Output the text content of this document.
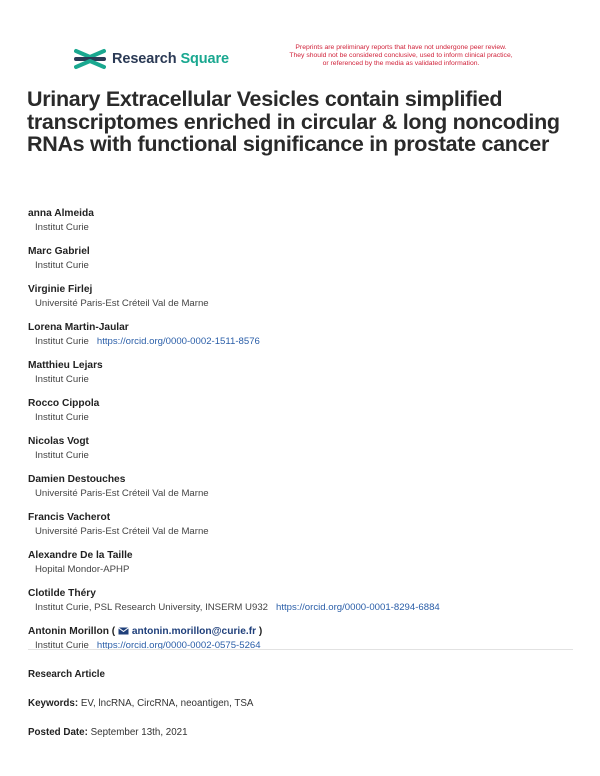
Research Square
Preprints are preliminary reports that have not undergone peer review.
They should not be considered conclusive, used to inform clinical practice,
or referenced by the media as validated information.
Urinary Extracellular Vesicles contain simplified transcriptomes enriched in circular & long noncoding RNAs with functional significance in prostate cancer
anna Almeida
Institut Curie
Marc Gabriel
Institut Curie
Virginie Firlej
Université Paris-Est Créteil Val de Marne
Lorena Martin-Jaular
Institut Curie https://orcid.org/0000-0002-1511-8576
Matthieu Lejars
Institut Curie
Rocco Cippola
Institut Curie
Nicolas Vogt
Institut Curie
Damien Destouches
Université Paris-Est Créteil Val de Marne
Francis Vacherot
Université Paris-Est Créteil Val de Marne
Alexandre De la Taille
Hopital Mondor-APHP
Clotilde Théry
Institut Curie, PSL Research University, INSERM U932 https://orcid.org/0000-0001-8294-6884
Antonin Morillon (  antonin.morillon@curie.fr )
Institut Curie https://orcid.org/0000-0002-0575-5264
Research Article
Keywords: EV, lncRNA, CircRNA, neoantigen, TSA
Posted Date: September 13th, 2021
